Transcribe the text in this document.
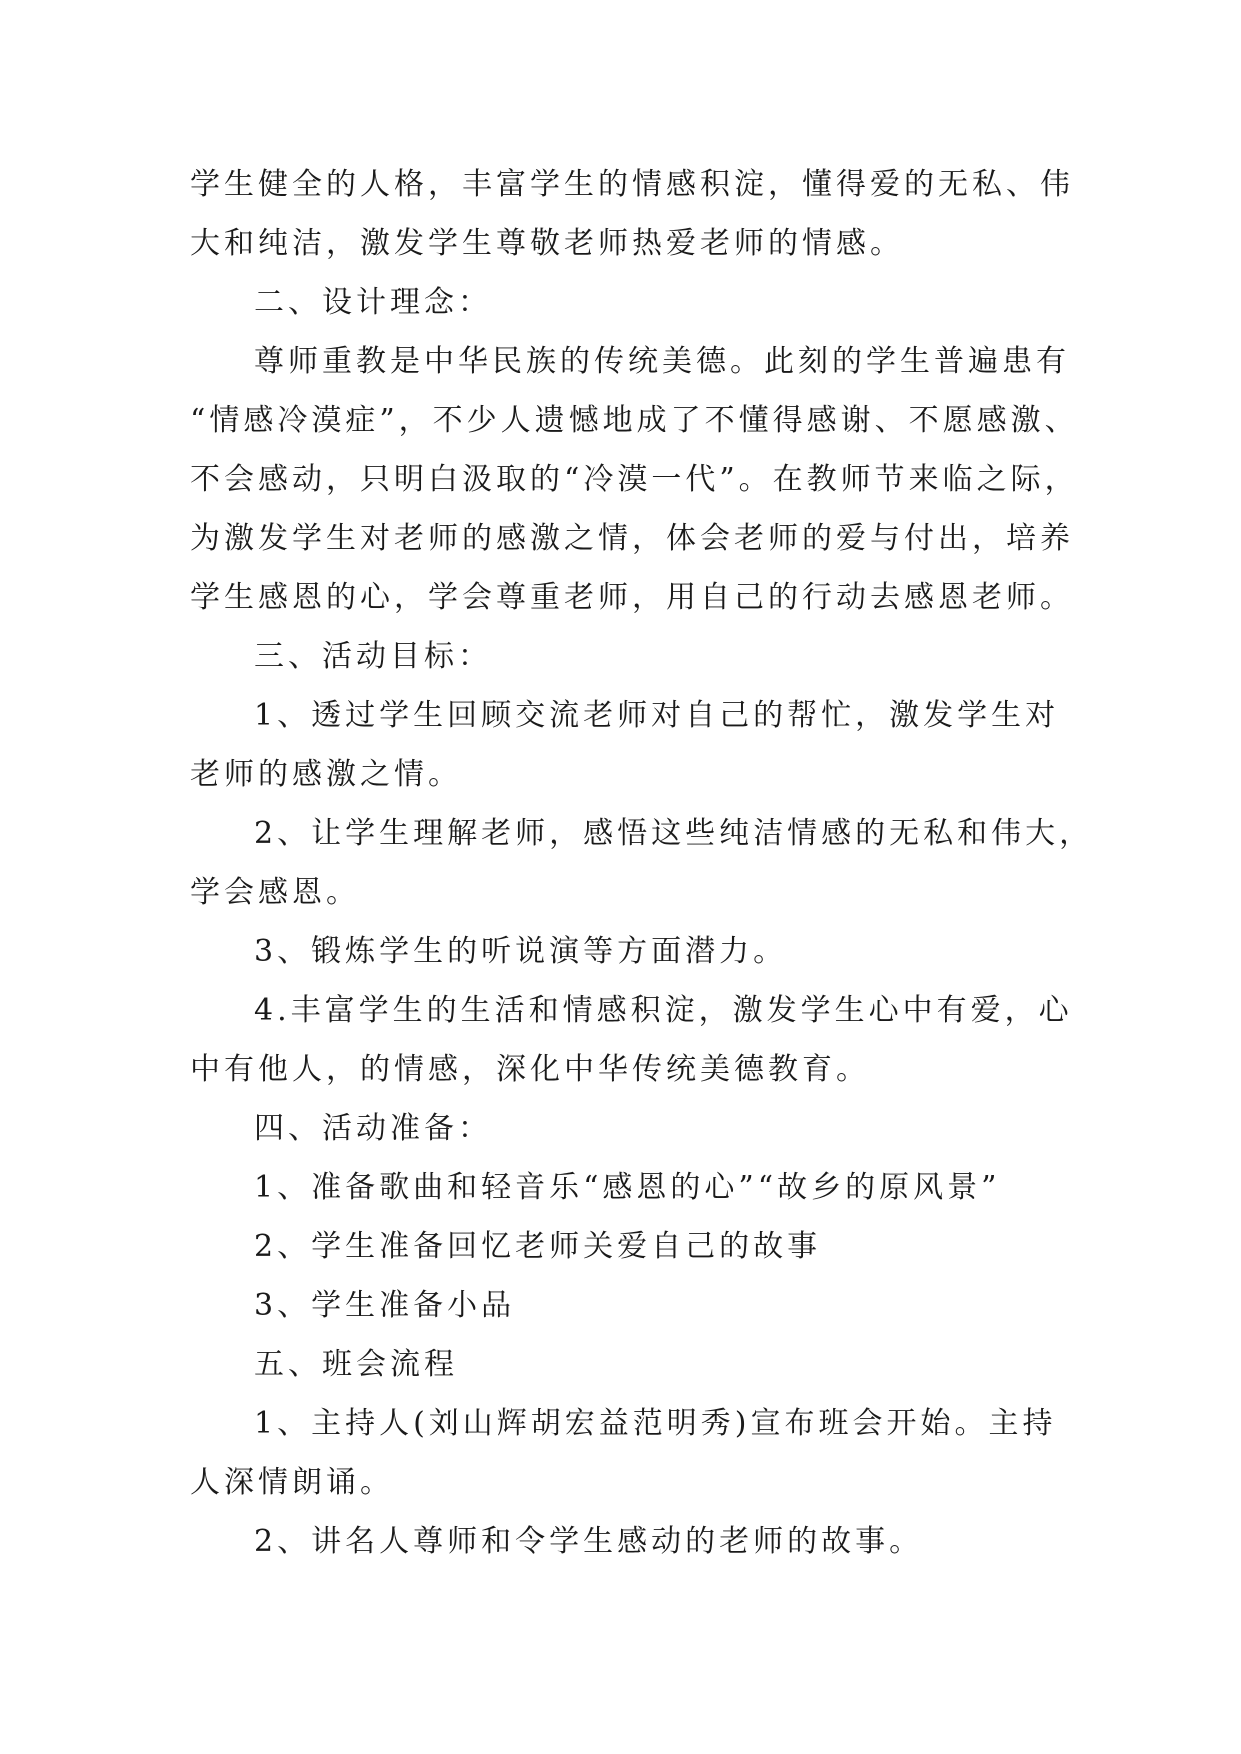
学生健全的人格，丰富学生的情感积淀，懂得爱的无私、伟
大和纯洁，激发学生尊敬老师热爱老师的情感。
二、设计理念：
尊师重教是中华民族的传统美德。此刻的学生普遍患有
“情感冷漠症”，不少人遗憾地成了不懂得感谢、不愿感激、
不会感动，只明白汲取的“冷漠一代”。在教师节来临之际，
为激发学生对老师的感激之情，体会老师的爱与付出，培养
学生感恩的心，学会尊重老师，用自己的行动去感恩老师。
三、活动目标：
1、透过学生回顾交流老师对自己的帮忙，激发学生对
老师的感激之情。
2、让学生理解老师，感悟这些纯洁情感的无私和伟大，
学会感恩。
3、锻炼学生的听说演等方面潜力。
4.丰富学生的生活和情感积淀，激发学生心中有爱，心
中有他人，的情感，深化中华传统美德教育。
四、活动准备：
1、准备歌曲和轻音乐“感恩的心”“故乡的原风景”
2、学生准备回忆老师关爱自己的故事
3、学生准备小品
五、班会流程
1、主持人(刘山辉胡宏益范明秀)宣布班会开始。主持
人深情朗诵。
2、讲名人尊师和令学生感动的老师的故事。
